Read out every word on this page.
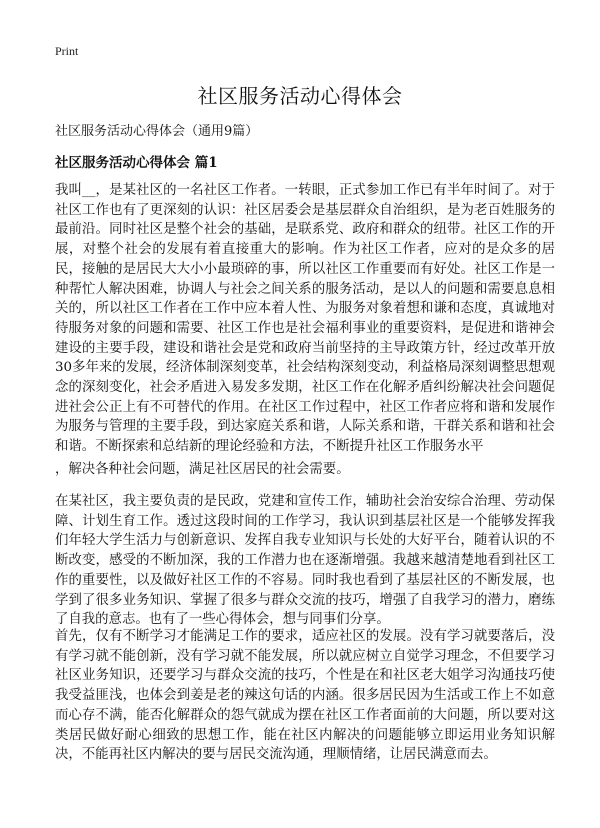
Print
社区服务活动心得体会

社区服务活动心得体会（通用9篇）

社区服务活动心得体会 篇1

我叫__，是某社区的一名社区工作者。一转眼，正式参加工作已有半年时间了。对于社区工作也有了更深刻的认识：社区居委会是基层群众自治组织，是为老百姓服务的最前沿。同时社区是整个社会的基础，是联系党、政府和群众的纽带。社区工作的开展，对整个社会的发展有着直接重大的影响。作为社区工作者，应对的是众多的居民，接触的是居民大大小小最琐碎的事，所以社区工作重要而有好处。社区工作是一种帮忙人解决困难，协调人与社会之间关系的服务活动，是以人的问题和需要息息相关的，所以社区工作者在工作中应本着人性、为服务对象着想和谦和态度，真诚地对待服务对象的问题和需要、社区工作也是社会福利事业的重要资料，是促进和谐神会建设的主要手段，建设和谐社会是党和政府当前坚持的主导政策方针，经过改革开放30多年来的发展，经济体制深刻变革，社会结构深刻变动，利益格局深刻调整思想观念的深刻变化，社会矛盾进入易发多发期，社区工作在化解矛盾纠纷解决社会问题促进社会公正上有不可替代的作用。在社区工作过程中，社区工作者应将和谐和发展作为服务与管理的主要手段，到达家庭关系和谐，人际关系和谐，干群关系和谐和社会和谐。不断探索和总结新的理论经验和方法，不断提升社区工作服务水平

，解决各种社会问题，满足社区居民的社会需要。

在某社区，我主要负责的是民政，党建和宣传工作，辅助社会治安综合治理、劳动保障、计划生育工作。透过这段时间的工作学习，我认识到基层社区是一个能够发挥我们年轻大学生活力与创新意识、发挥自我专业知识与长处的大好平台，随着认识的不断改变，感受的不断加深，我的工作潜力也在逐渐增强。我越来越清楚地看到社区工作的重要性，以及做好社区工作的不容易。同时我也看到了基层社区的不断发展，也学到了很多业务知识、掌握了很多与群众交流的技巧，增强了自我学习的潜力，磨练了自我的意志。也有了一些心得体会，想与同事们分享。

首先，仅有不断学习才能满足工作的要求，适应社区的发展。没有学习就要落后，没有学习就不能创新，没有学习就不能发展，所以就应树立自觉学习理念，不但要学习社区业务知识，还要学习与群众交流的技巧，个性是在和社区老大姐学习沟通技巧使我受益匪浅，也体会到姜是老的辣这句话的内涵。很多居民因为生活或工作上不如意而心存不满，能否化解群众的怨气就成为摆在社区工作者面前的大问题，所以要对这类居民做好耐心细致的思想工作，能在社区内解决的问题能够立即运用业务知识解决，不能再社区内解决的要与居民交流沟通，理顺情绪，让居民满意而去。
